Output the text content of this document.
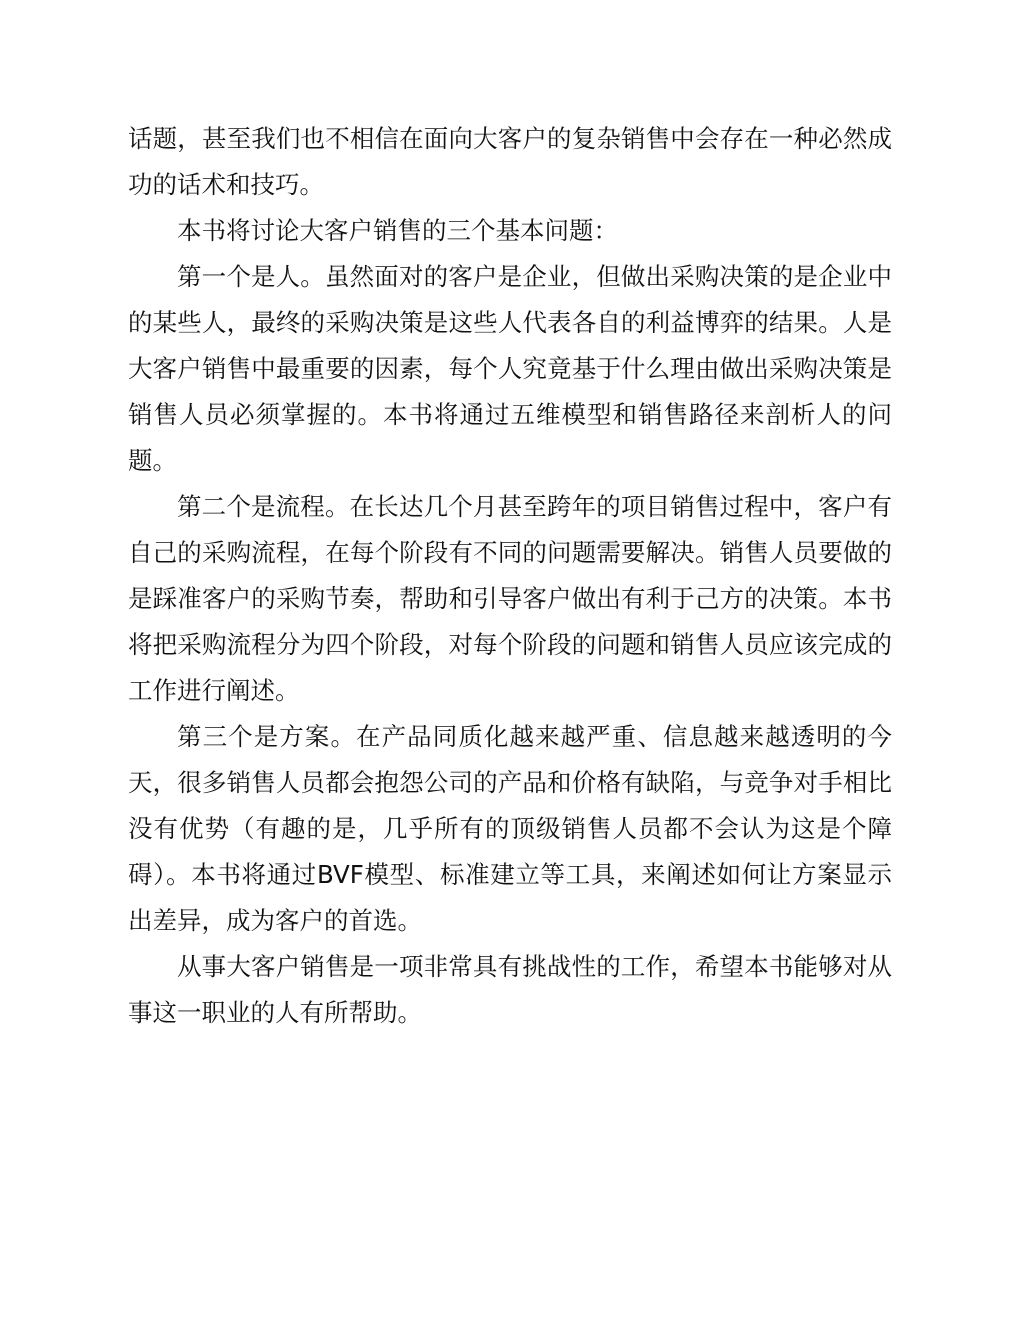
话题，甚至我们也不相信在面向大客户的复杂销售中会存在一种必然成功的话术和技巧。

本书将讨论大客户销售的三个基本问题：

第一个是人。虽然面对的客户是企业，但做出采购决策的是企业中的某些人，最终的采购决策是这些人代表各自的利益博弈的结果。人是大客户销售中最重要的因素，每个人究竟基于什么理由做出采购决策是销售人员必须掌握的。本书将通过五维模型和销售路径来剖析人的问题。

第二个是流程。在长达几个月甚至跨年的项目销售过程中，客户有自己的采购流程，在每个阶段有不同的问题需要解决。销售人员要做的是踩准客户的采购节奏，帮助和引导客户做出有利于己方的决策。本书将把采购流程分为四个阶段，对每个阶段的问题和销售人员应该完成的工作进行阐述。

第三个是方案。在产品同质化越来越严重、信息越来越透明的今天，很多销售人员都会抱怨公司的产品和价格有缺陷，与竞争对手相比没有优势（有趣的是，几乎所有的顶级销售人员都不会认为这是个障碍）。本书将通过BVF模型、标准建立等工具，来阐述如何让方案显示出差异，成为客户的首选。

从事大客户销售是一项非常具有挑战性的工作，希望本书能够对从事这一职业的人有所帮助。
